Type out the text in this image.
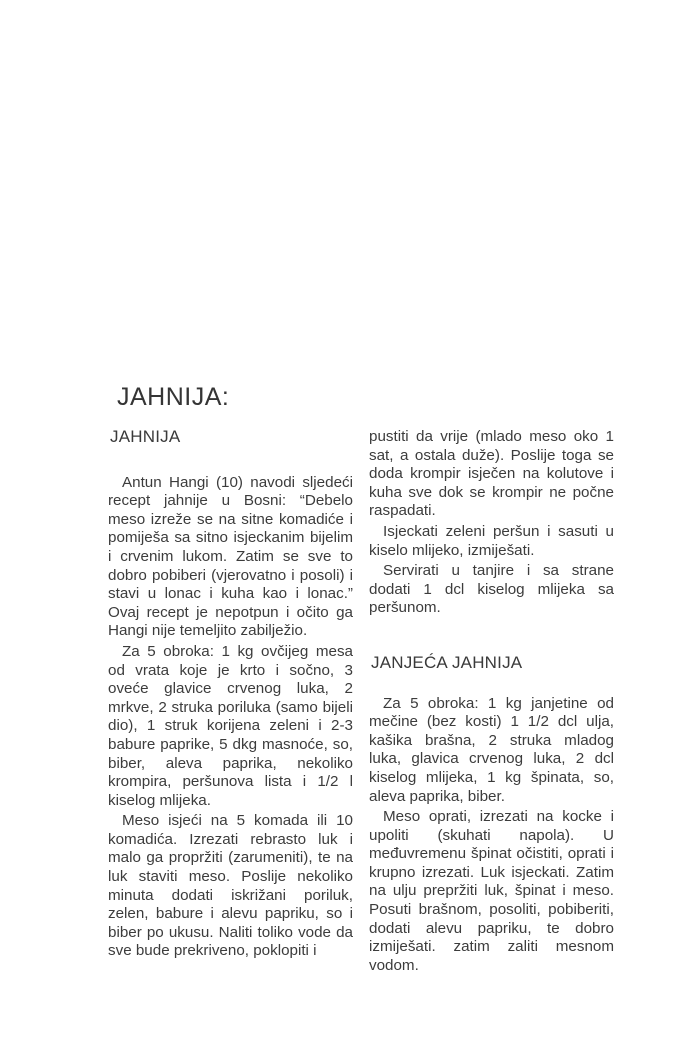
JAHNIJA:
JAHNIJA

Antun Hangi (10) navodi sljedeći recept jahnije u Bosni: “Debelo meso izreže se na sitne komadiće i pomiješa sa sitno isjeckanim bijelim i crvenim lukom. Zatim se sve to dobro pobiberi (vjerovatno i posoli) i stavi u lonac i kuha kao i lonac.” Ovaj recept je nepotpun i očito ga Hangi nije temeljito zabilježio.

Za 5 obroka: 1 kg ovčijeg mesa od vrata koje je krto i sočno, 3 oveće glavice crvenog luka, 2 mrkve, 2 struka poriluka (samo bijeli dio), 1 struk korijena zeleni i 2-3 babure paprike, 5 dkg masnoće, so, biber, aleva paprika, nekoliko krompira, peršunova lista i 1/2 l kiselog mlijeka.

Meso isjeći na 5 komada ili 10 komadića. Izrezati rebrasto luk i malo ga propržiti (zarumeniti), te na luk staviti meso. Poslije nekoliko minuta dodati iskrižani poriluk, zelen, babure i alevu papriku, so i biber po ukusu. Naliti toliko vode da sve bude prekriveno, poklopiti i

pustiti da vrije (mlado meso oko 1 sat, a ostala duže). Poslije toga se doda krompir isječen na kolutove i kuha sve dok se krompir ne počne raspadati.

Isjeckati zeleni peršun i sasuti u kiselo mlijeko, izmiješati.

Servirati u tanjire i sa strane dodati 1 dcl kiselog mlijeka sa peršunom.

JANJEĆA JAHNIJA

Za 5 obroka: 1 kg janjetine od mečine (bez kosti) 1 1/2 dcl ulja, kašika brašna, 2 struka mladog luka, glavica crvenog luka, 2 dcl kiselog mlijeka, 1 kg špinata, so, aleva paprika, biber.

Meso oprati, izrezati na kocke i upoliti (skuhati napola). U međuvremenu špinat očistiti, oprati i krupno izrezati. Luk isjeckati. Zatim na ulju prepržiti luk, špinat i meso. Posuti brašnom, posoliti, pobiberiti, dodati alevu papriku, te dobro izmiješati. zatim zaliti mesnom vodom.
